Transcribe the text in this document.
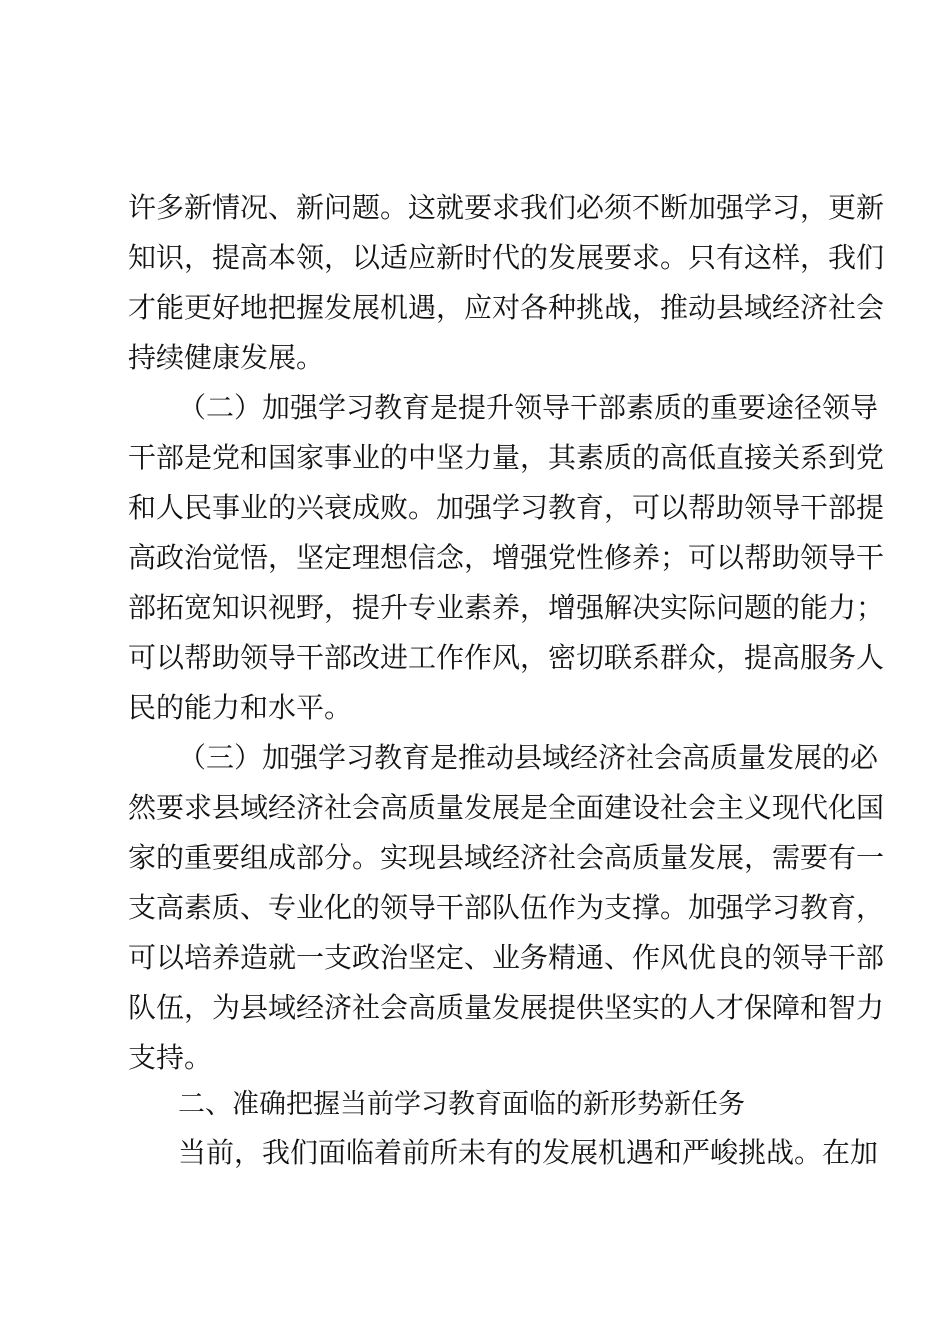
许多新情况、新问题。这就要求我们必须不断加强学习，更新
知识，提高本领，以适应新时代的发展要求。只有这样，我们
才能更好地把握发展机遇，应对各种挑战，推动县域经济社会
持续健康发展。
（二）加强学习教育是提升领导干部素质的重要途径领导
干部是党和国家事业的中坚力量，其素质的高低直接关系到党
和人民事业的兴衰成败。加强学习教育，可以帮助领导干部提
高政治觉悟，坚定理想信念，增强党性修养；可以帮助领导干
部拓宽知识视野，提升专业素养，增强解决实际问题的能力；
可以帮助领导干部改进工作作风，密切联系群众，提高服务人
民的能力和水平。
（三）加强学习教育是推动县域经济社会高质量发展的必
然要求县域经济社会高质量发展是全面建设社会主义现代化国
家的重要组成部分。实现县域经济社会高质量发展，需要有一
支高素质、专业化的领导干部队伍作为支撑。加强学习教育，
可以培养造就一支政治坚定、业务精通、作风优良的领导干部
队伍，为县域经济社会高质量发展提供坚实的人才保障和智力
支持。
二、准确把握当前学习教育面临的新形势新任务
当前，我们面临着前所未有的发展机遇和严峻挑战。在加
